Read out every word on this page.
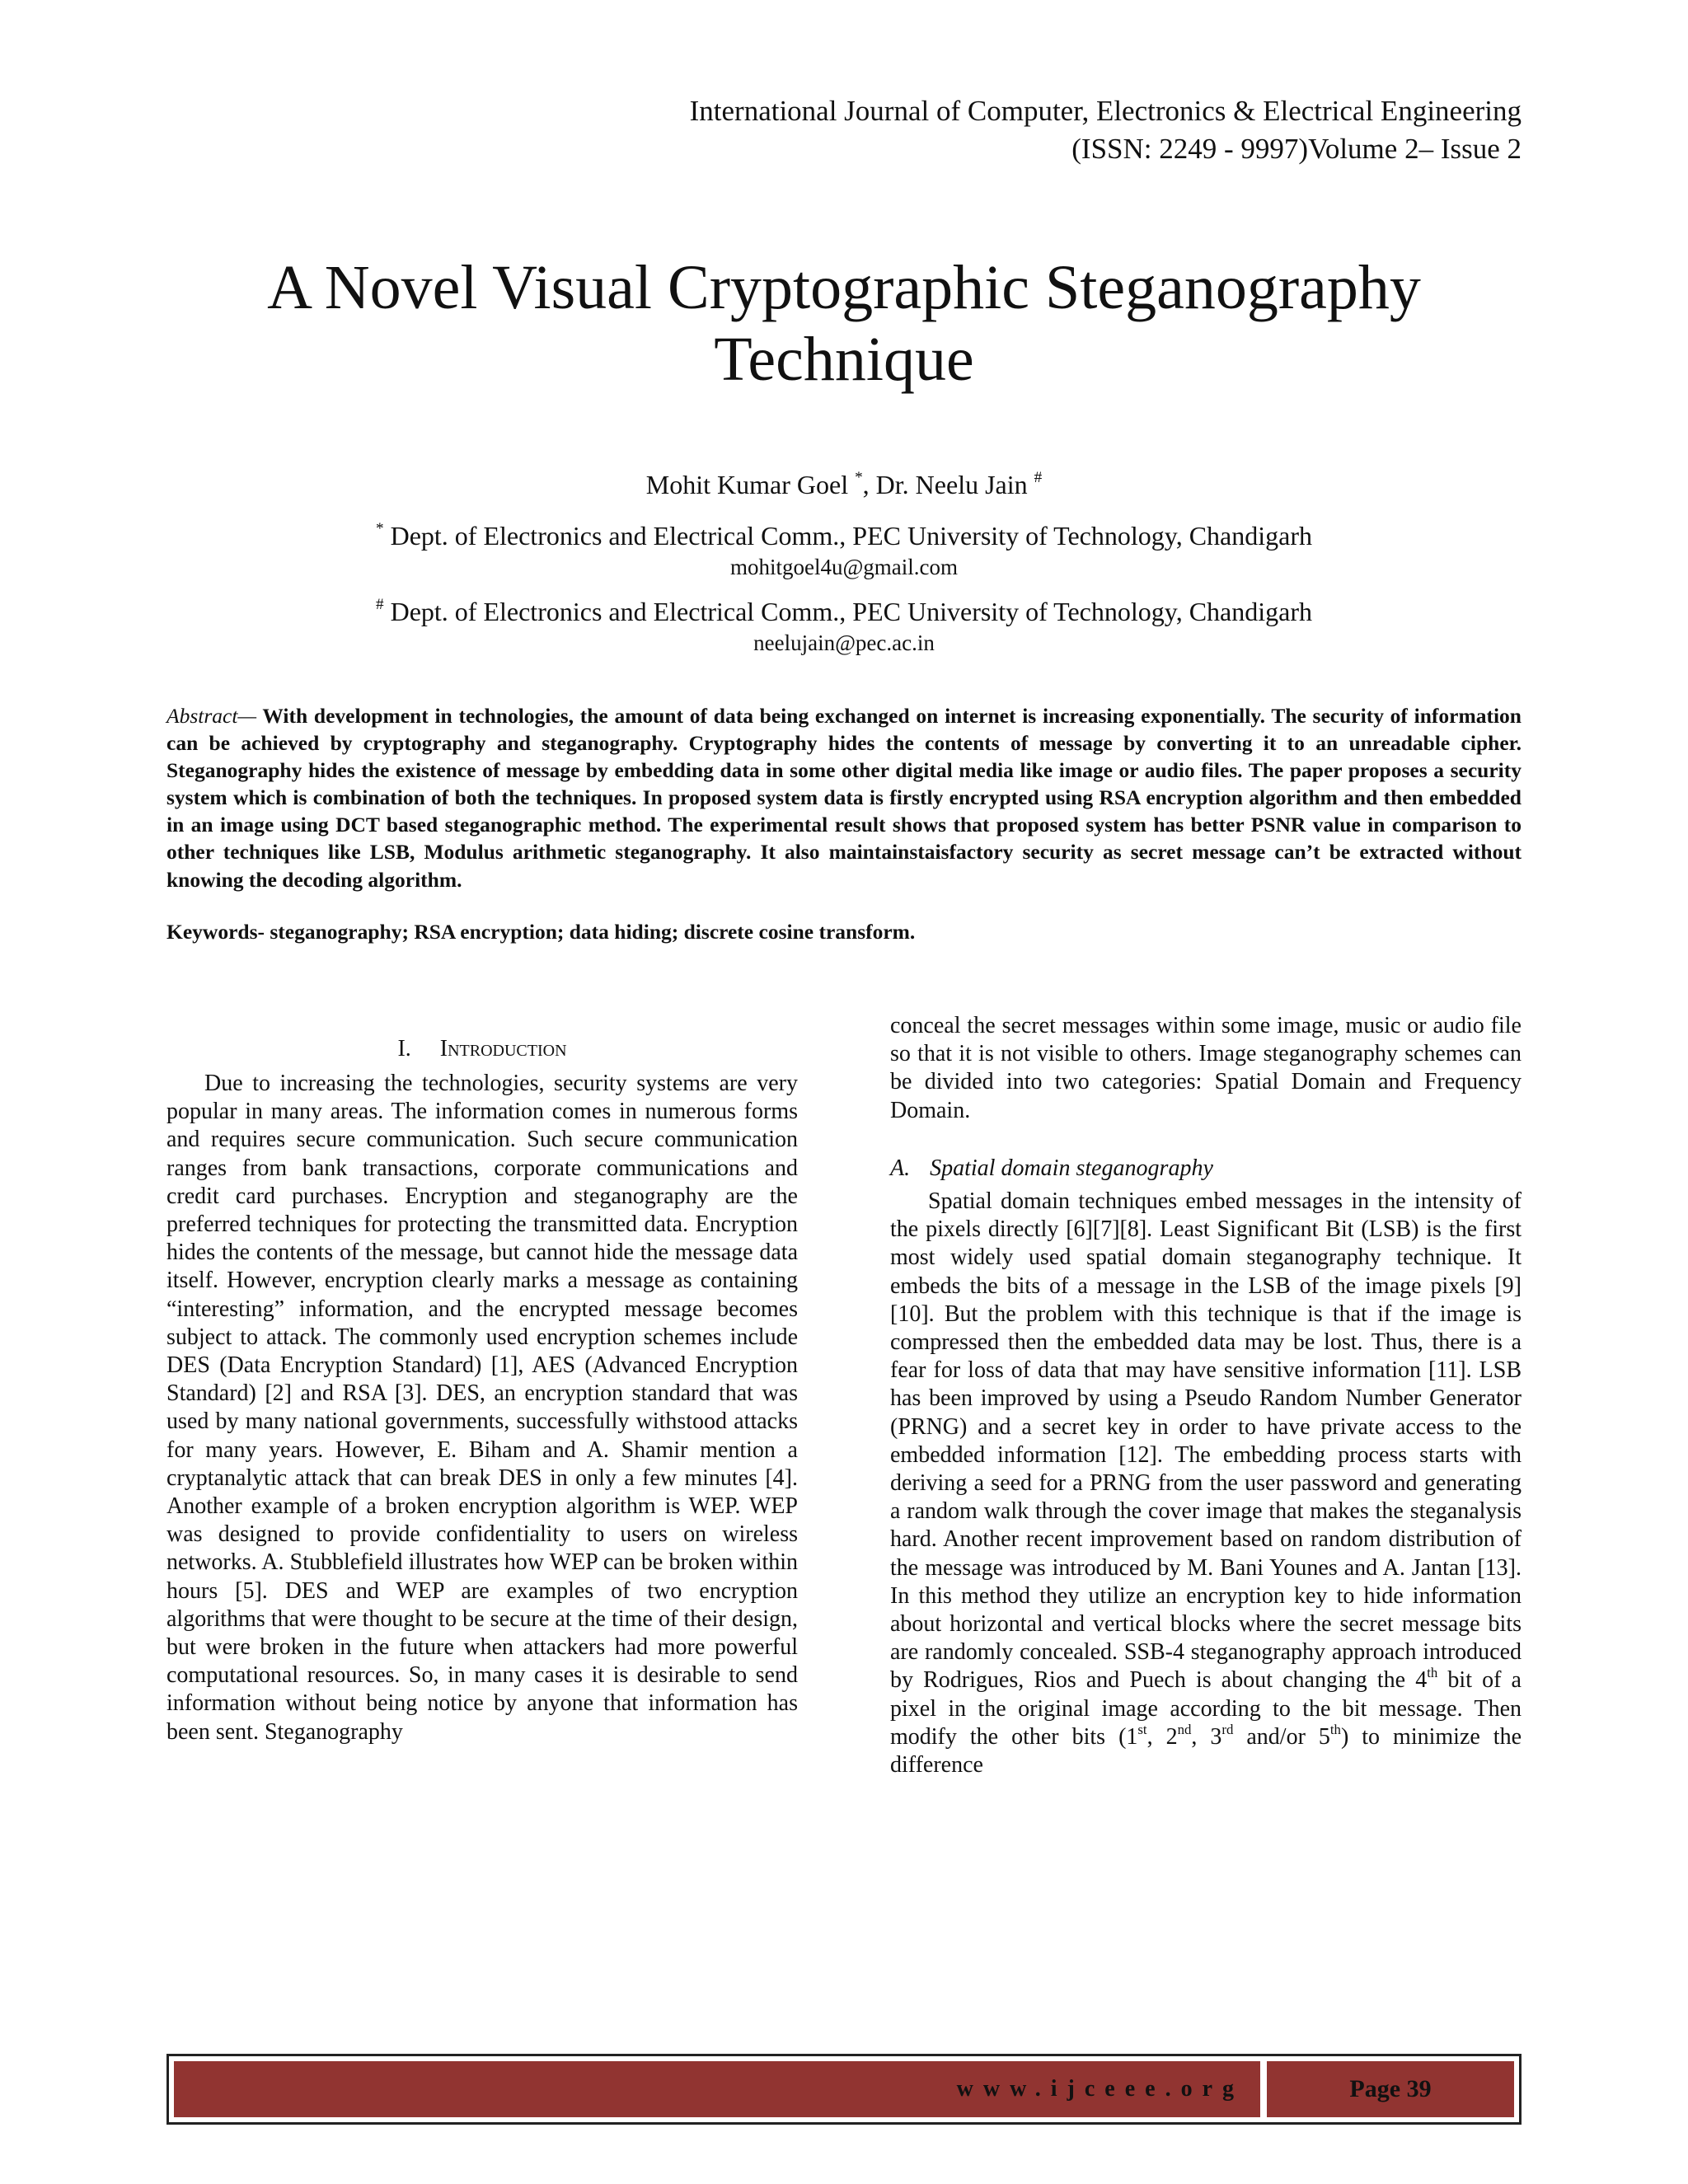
International Journal of Computer, Electronics & Electrical Engineering
(ISSN: 2249 - 9997)Volume 2– Issue 2
A Novel Visual Cryptographic Steganography
Technique
Mohit Kumar Goel *, Dr. Neelu Jain #
* Dept. of Electronics and Electrical Comm., PEC University of Technology, Chandigarh
mohitgoel4u@gmail.com
# Dept. of Electronics and Electrical Comm., PEC University of Technology, Chandigarh
neelujain@pec.ac.in
Abstract— With development in technologies, the amount of data being exchanged on internet is increasing exponentially. The security of information can be achieved by cryptography and steganography. Cryptography hides the contents of message by converting it to an unreadable cipher. Steganography hides the existence of message by embedding data in some other digital media like image or audio files. The paper proposes a security system which is combination of both the techniques. In proposed system data is firstly encrypted using RSA encryption algorithm and then embedded in an image using DCT based steganographic method. The experimental result shows that proposed system has better PSNR value in comparison to other techniques like LSB, Modulus arithmetic steganography. It also maintainstaisfactory security as secret message can’t be extracted without knowing the decoding algorithm.
Keywords- steganography; RSA encryption; data hiding; discrete cosine transform.
I. Introduction

Due to increasing the technologies, security systems are very popular in many areas. The information comes in numerous forms and requires secure communication. Such secure communication ranges from bank transactions, corporate communications and credit card purchases. Encryption and steganography are the preferred techniques for protecting the transmitted data. Encryption hides the contents of the message, but cannot hide the message data itself. However, encryption clearly marks a message as containing “interesting” information, and the encrypted message becomes subject to attack. The commonly used encryption schemes include DES (Data Encryption Standard) [1], AES (Advanced Encryption Standard) [2] and RSA [3]. DES, an encryption standard that was used by many national governments, successfully withstood attacks for many years. However, E. Biham and A. Shamir mention a cryptanalytic attack that can break DES in only a few minutes [4]. Another example of a broken encryption algorithm is WEP. WEP was designed to provide confidentiality to users on wireless networks. A. Stubblefield illustrates how WEP can be broken within hours [5]. DES and WEP are examples of two encryption algorithms that were thought to be secure at the time of their design, but were broken in the future when attackers had more powerful computational resources. So, in many cases it is desirable to send information without being notice by anyone that information has been sent. Steganography

conceal the secret messages within some image, music or audio file so that it is not visible to others. Image steganography schemes can be divided into two categories: Spatial Domain and Frequency Domain.

A. Spatial domain steganography

Spatial domain techniques embed messages in the intensity of the pixels directly [6][7][8]. Least Significant Bit (LSB) is the first most widely used spatial domain steganography technique. It embeds the bits of a message in the LSB of the image pixels [9][10]. But the problem with this technique is that if the image is compressed then the embedded data may be lost. Thus, there is a fear for loss of data that may have sensitive information [11]. LSB has been improved by using a Pseudo Random Number Generator (PRNG) and a secret key in order to have private access to the embedded information [12]. The embedding process starts with deriving a seed for a PRNG from the user password and generating a random walk through the cover image that makes the steganalysis hard. Another recent improvement based on random distribution of the message was introduced by M. Bani Younes and A. Jantan [13]. In this method they utilize an encryption key to hide information about horizontal and vertical blocks where the secret message bits are randomly concealed. SSB-4 steganography approach introduced by Rodrigues, Rios and Puech is about changing the 4th bit of a pixel in the original image according to the bit message. Then modify the other bits (1st, 2nd, 3rd and/or 5th) to minimize the difference

www.ijceee.org	Page 39
